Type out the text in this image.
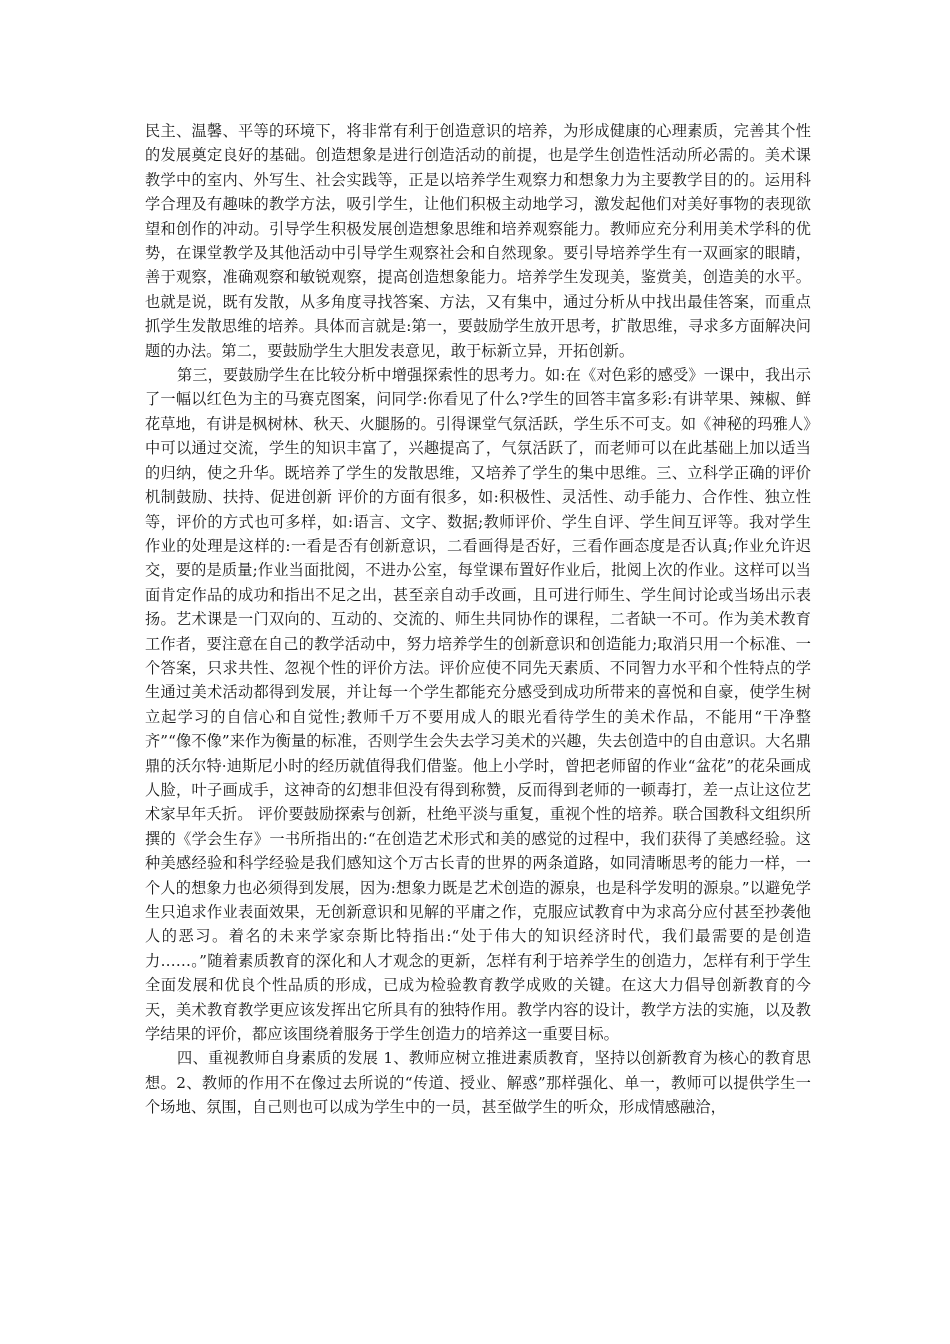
民主、温馨、平等的环境下，将非常有利于创造意识的培养，为形成健康的心理素质，完善其个性的发展奠定良好的基础。创造想象是进行创造活动的前提，也是学生创造性活动所必需的。美术课教学中的室内、外写生、社会实践等，正是以培养学生观察力和想象力为主要教学目的的。运用科学合理及有趣味的教学方法，吸引学生，让他们积极主动地学习，激发起他们对美好事物的表现欲望和创作的冲动。引导学生积极发展创造想象思维和培养观察能力。教师应充分利用美术学科的优势，在课堂教学及其他活动中引导学生观察社会和自然现象。要引导培养学生有一双画家的眼睛，善于观察，准确观察和敏锐观察，提高创造想象能力。培养学生发现美，鉴赏美，创造美的水平。也就是说，既有发散，从多角度寻找答案、方法，又有集中，通过分析从中找出最佳答案，而重点抓学生发散思维的培养。具体而言就是:第一，要鼓励学生放开思考，扩散思维，寻求多方面解决问题的办法。第二，要鼓励学生大胆发表意见，敢于标新立异，开拓创新。

第三，要鼓励学生在比较分析中增强探索性的思考力。如:在《对色彩的感受》一课中，我出示了一幅以红色为主的马赛克图案，问同学:你看见了什么?学生的回答丰富多彩:有讲苹果、辣椒、鲜花草地，有讲是枫树林、秋天、火腿肠的。引得课堂气氛活跃，学生乐不可支。如《神秘的玛雅人》中可以通过交流，学生的知识丰富了，兴趣提高了，气氛活跃了，而老师可以在此基础上加以适当的归纳，使之升华。既培养了学生的发散思维，又培养了学生的集中思维。三、立科学正确的评价机制鼓励、扶持、促进创新 评价的方面有很多，如:积极性、灵活性、动手能力、合作性、独立性等，评价的方式也可多样，如:语言、文字、数据;教师评价、学生自评、学生间互评等。我对学生作业的处理是这样的:一看是否有创新意识，二看画得是否好，三看作画态度是否认真;作业允许迟交，要的是质量;作业当面批阅，不进办公室，每堂课布置好作业后，批阅上次的作业。这样可以当面肯定作品的成功和指出不足之出，甚至亲自动手改画，且可进行师生、学生间讨论或当场出示表扬。艺术课是一门双向的、互动的、交流的、师生共同协作的课程，二者缺一不可。作为美术教育工作者，要注意在自己的教学活动中，努力培养学生的创新意识和创造能力;取消只用一个标准、一个答案，只求共性、忽视个性的评价方法。评价应使不同先天素质、不同智力水平和个性特点的学生通过美术活动都得到发展，并让每一个学生都能充分感受到成功所带来的喜悦和自豪，使学生树立起学习的自信心和自觉性;教师千万不要用成人的眼光看待学生的美术作品，不能用“干净整齐”“像不像”来作为衡量的标准，否则学生会失去学习美术的兴趣，失去创造中的自由意识。大名鼎鼎的沃尔特·迪斯尼小时的经历就值得我们借鉴。他上小学时，曾把老师留的作业“盆花”的花朵画成人脸，叶子画成手，这神奇的幻想非但没有得到称赞，反而得到老师的一顿毒打，差一点让这位艺术家早年夭折。 评价要鼓励探索与创新，杜绝平淡与重复，重视个性的培养。联合国教科文组织所撰的《学会生存》一书所指出的:“在创造艺术形式和美的感觉的过程中，我们获得了美感经验。这种美感经验和科学经验是我们感知这个万古长青的世界的两条道路，如同清晰思考的能力一样，一个人的想象力也必须得到发展，因为:想象力既是艺术创造的源泉，也是科学发明的源泉。”以避免学生只追求作业表面效果，无创新意识和见解的平庸之作，克服应试教育中为求高分应付甚至抄袭他人的恶习。着名的未来学家奈斯比特指出:“处于伟大的知识经济时代，我们最需要的是创造力……。”随着素质教育的深化和人才观念的更新，怎样有利于培养学生的创造力，怎样有利于学生全面发展和优良个性品质的形成，已成为检验教育教学成败的关键。在这大力倡导创新教育的今天，美术教育教学更应该发挥出它所具有的独特作用。教学内容的设计，教学方法的实施，以及教学结果的评价，都应该围绕着服务于学生创造力的培养这一重要目标。

四、重视教师自身素质的发展 1、教师应树立推进素质教育，坚持以创新教育为核心的教育思想。2、教师的作用不在像过去所说的“传道、授业、解惑”那样强化、单一，教师可以提供学生一个场地、氛围，自己则也可以成为学生中的一员，甚至做学生的听众，形成情感融洽，
